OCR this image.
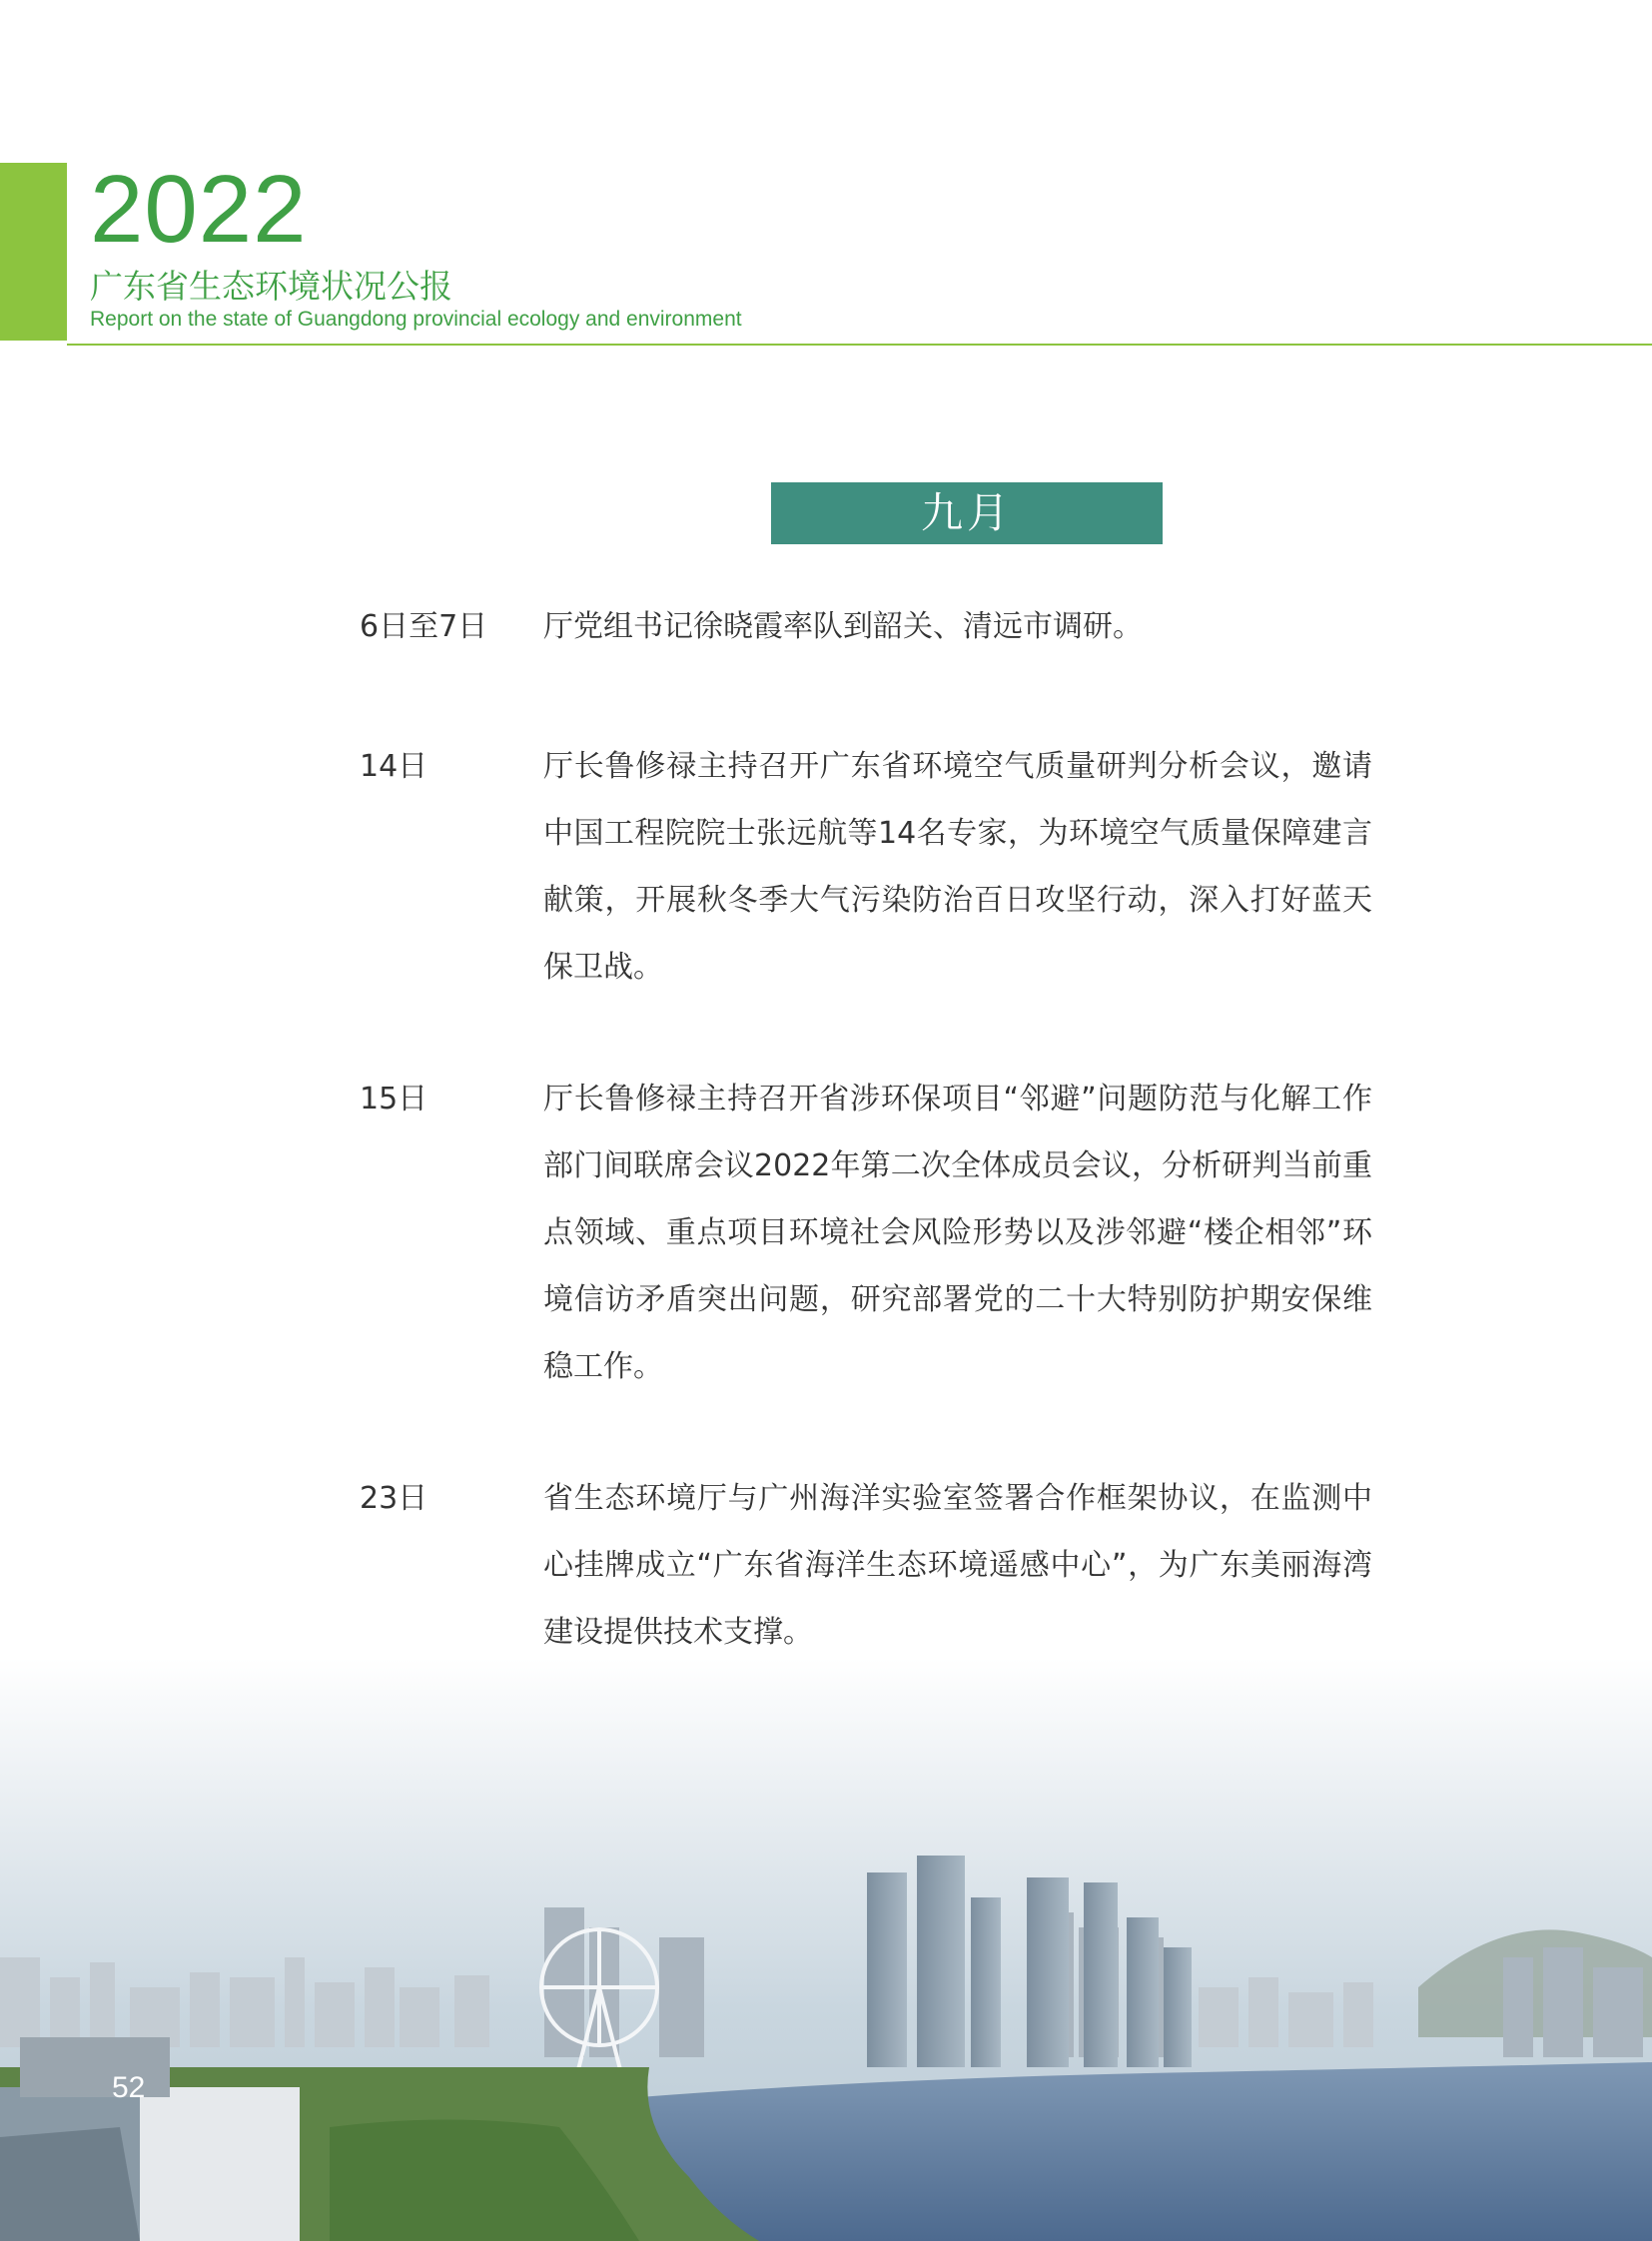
2022
广东省生态环境状况公报
Report on the state of Guangdong provincial ecology and environment
九月
6日至7日	厅党组书记徐晓霞率队到韶关、清远市调研。
14日	厅长鲁修禄主持召开广东省环境空气质量研判分析会议，邀请中国工程院院士张远航等14名专家，为环境空气质量保障建言献策，开展秋冬季大气污染防治百日攻坚行动，深入打好蓝天保卫战。
15日	厅长鲁修禄主持召开省涉环保项目“邻避”问题防范与化解工作部门间联席会议2022年第二次全体成员会议，分析研判当前重点领域、重点项目环境社会风险形势以及涉邻避“楼企相邻”环境信访矛盾突出问题，研究部署党的二十大特别防护期安保维稳工作。
23日	省生态环境厅与广州海洋实验室签署合作框架协议，在监测中心挂牌成立“广东省海洋生态环境遥感中心”，为广东美丽海湾建设提供技术支撑。
52
